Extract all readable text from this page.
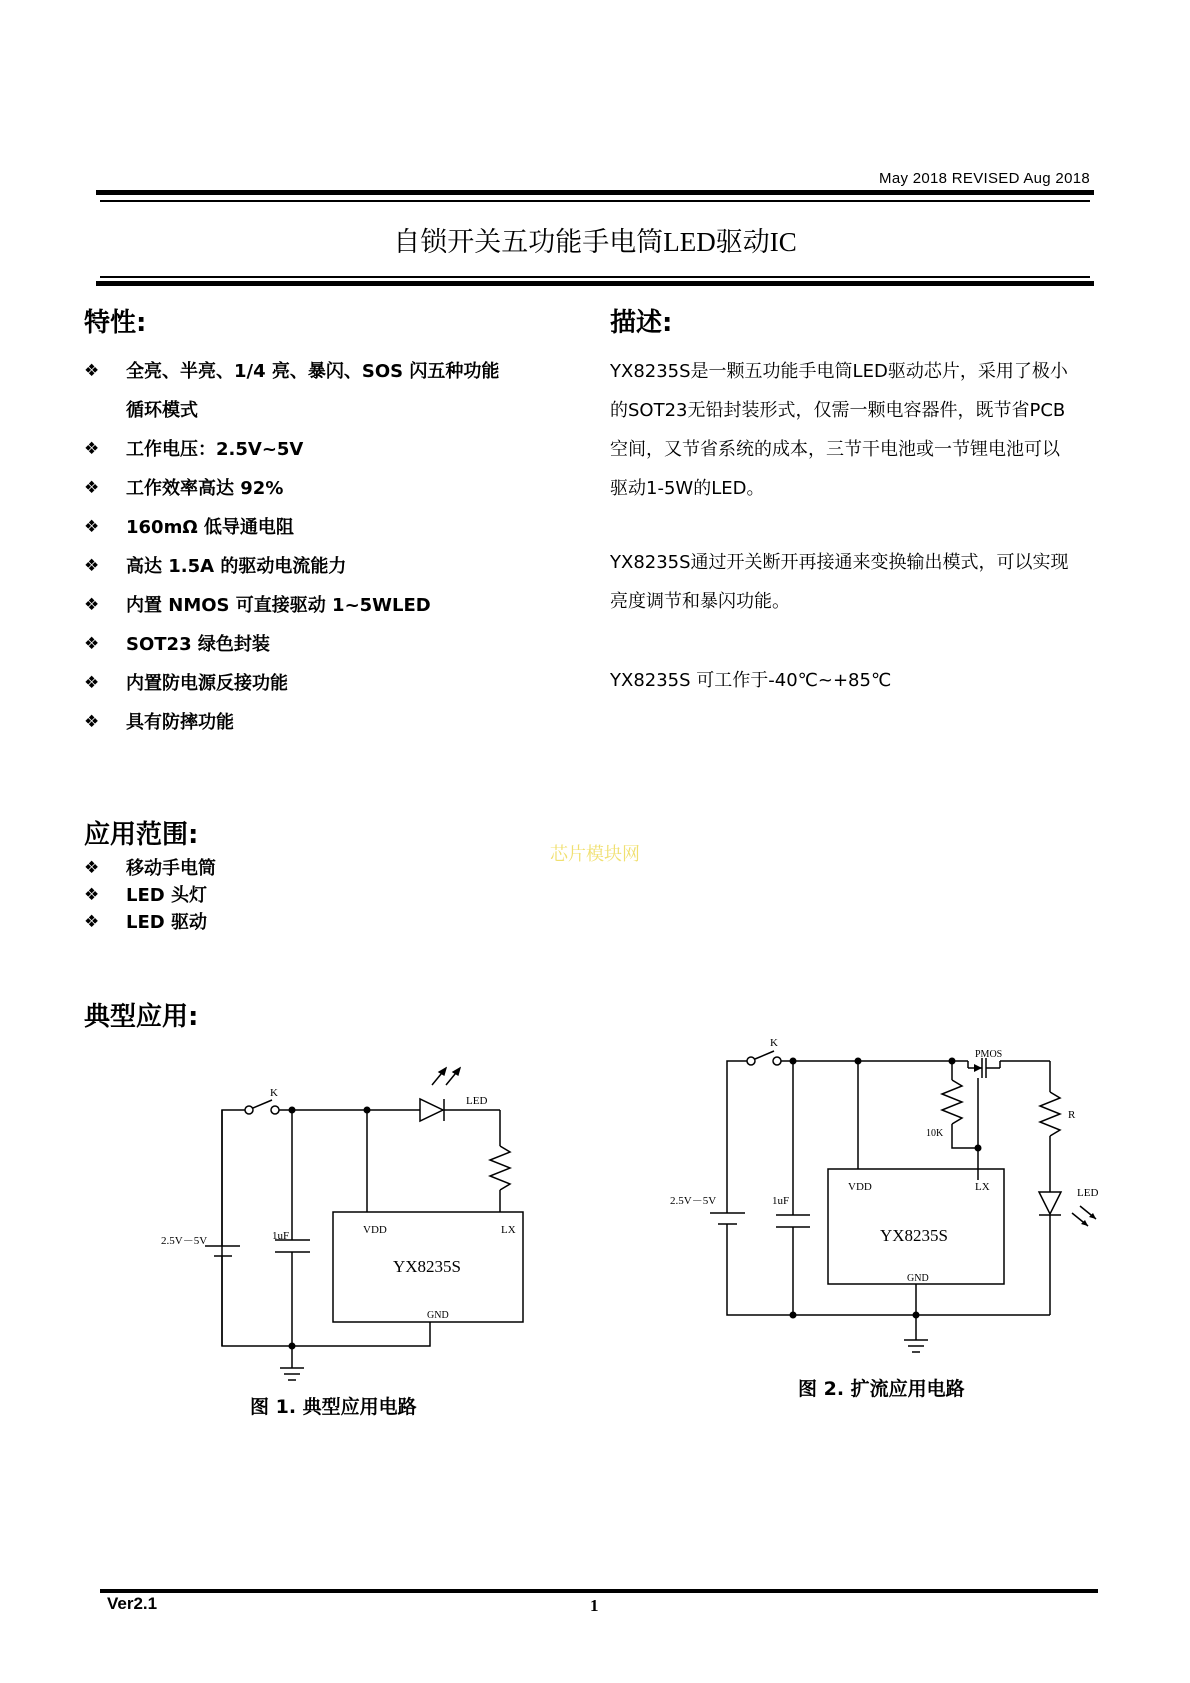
May 2018 REVISED Aug 2018
自锁开关五功能手电筒LED驱动IC
特性:
❖ 全亮、半亮、1/4 亮、暴闪、SOS 闪五种功能
循环模式
❖ 工作电压：2.5V~5V
❖ 工作效率高达 92%
❖ 160mΩ 低导通电阻
❖ 高达 1.5A 的驱动电流能力
❖ 内置 NMOS 可直接驱动 1~5WLED
❖ SOT23 绿色封装
❖ 内置防电源反接功能
❖ 具有防摔功能
描述:
YX8235S是一颗五功能手电筒LED驱动芯片，采用了极小
的SOT23无铅封装形式，仅需一颗电容器件，既节省PCB
空间，又节省系统的成本，三节干电池或一节锂电池可以
驱动1-5W的LED。
YX8235S通过开关断开再接通来变换输出模式，可以实现
亮度调节和暴闪功能。
YX8235S 可工作于-40℃~+85℃
应用范围:
❖ 移动手电筒
❖ LED 头灯
❖ LED 驱动
芯片模块网
典型应用:
K
LED
2.5V－5V	1uF	VDD	LX
YX8235S
GND
K
PMOS
10K
R
LED
2.5V－5V	1uF
VDD	LX
YX8235S
GND
图 1. 典型应用电路
图 2. 扩流应用电路
Ver2.1	1
